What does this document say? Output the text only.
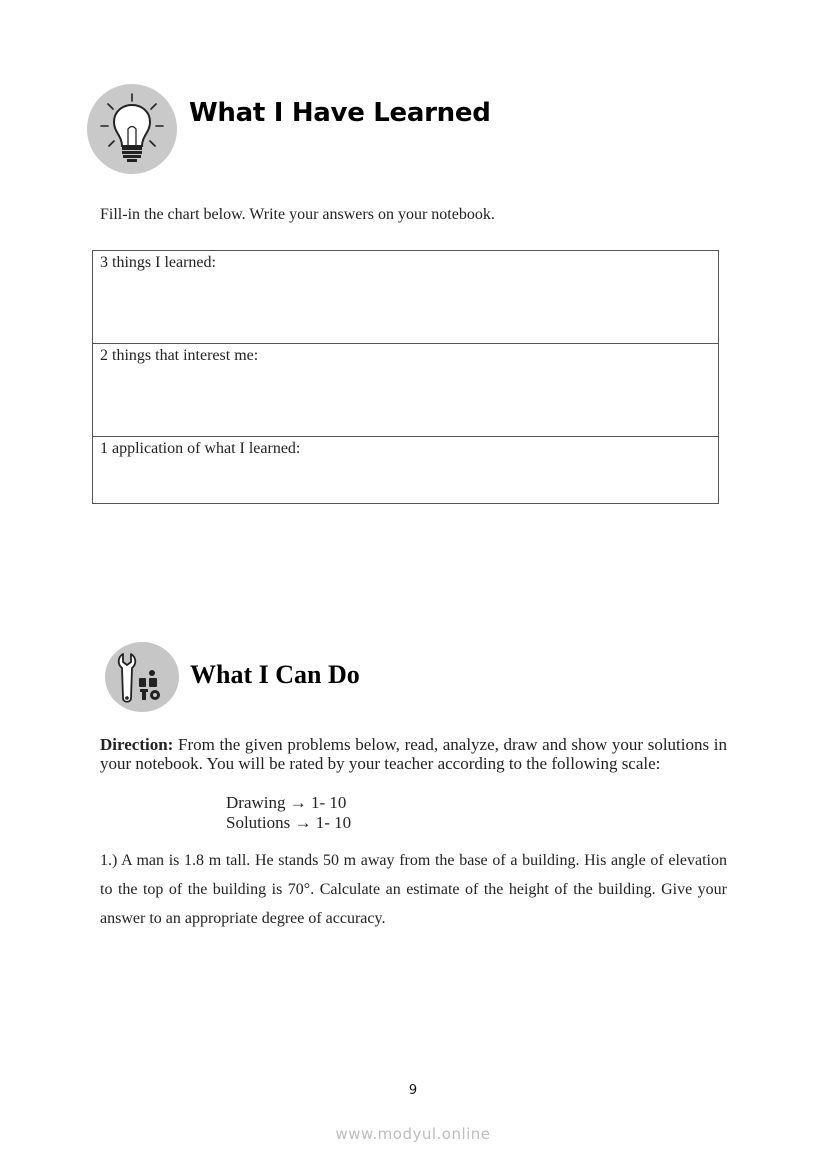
What I Have Learned
Fill-in the chart below. Write your answers on your notebook.
3 things I learned:
2 things that interest me:
1 application of what I learned:
What I Can Do
Direction: From the given problems below, read, analyze, draw and show your solutions in your notebook. You will be rated by your teacher according to the following scale:
Drawing → 1- 10
Solutions → 1- 10
1.) A man is 1.8 m tall. He stands 50 m away from the base of a building. His angle of elevation to the top of the building is 70°. Calculate an estimate of the height of the building. Give your answer to an appropriate degree of accuracy.
9
www.modyul.online
